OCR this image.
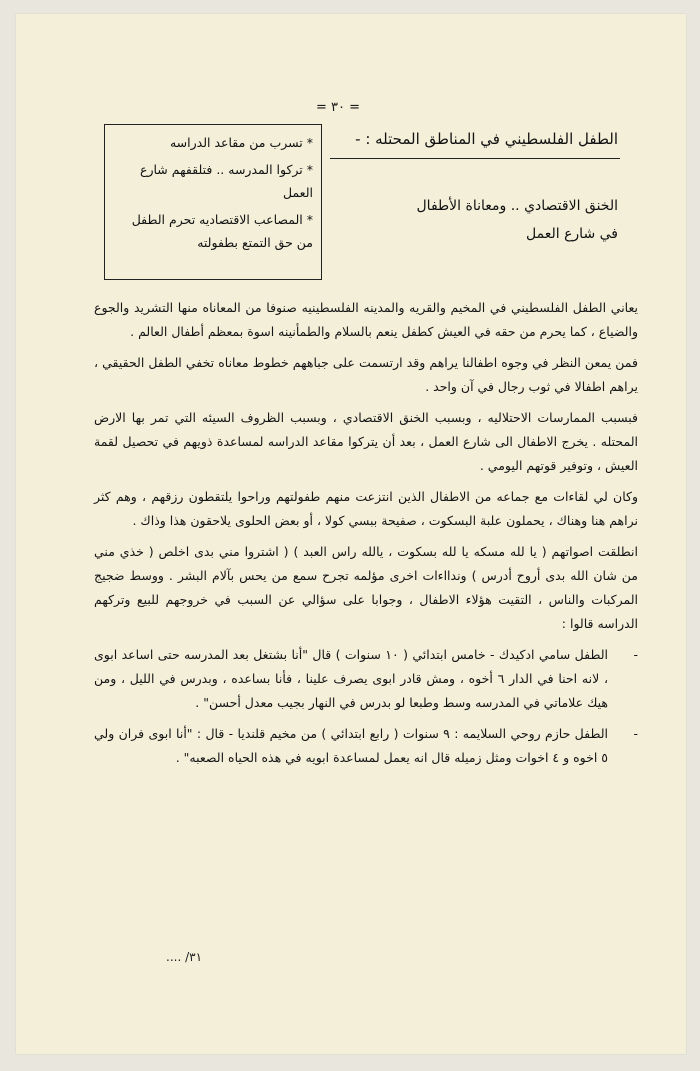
= ٣٠ =
الطفل الفلسطيني في المناطق المحتله : -
الخنق الاقتصادي .. ومعاناة الأطفال
في شارع العمل

* تسرب من مقاعد الدراسه

* تركوا المدرسه .. فتلقفهم شارع العمل

* المصاعب الاقتصاديه تحرم الطفل من حق التمتع بطفولته

يعاني الطفل الفلسطيني في المخيم والقريه والمدينه الفلسطينيه صنوفا من المعاناه منها التشريد والجوع والضياع ، كما يحرم من حقه في العيش كطفل ينعم بالسلام والطمأنينه اسوة بمعظم أطفال العالم .

فمن يمعن النظر في وجوه اطفالنا يراهم وقد ارتسمت على جباههم خطوط معاناه تخفي الطفل الحقيقي ، يراهم اطفالا في ثوب رجال في آن واحد .

فبسبب الممارسات الاحتلاليه ، وبسبب الخنق الاقتصادي ، وبسبب الظروف السيئه التي تمر بها الارض المحتله . يخرج الاطفال الى شارع العمل ، بعد أن يتركوا مقاعد الدراسه لمساعدة ذويهم في تحصيل لقمة العيش ، وتوفير قوتهم اليومي .

وكان لي لقاءات مع جماعه من الاطفال الذين انتزعت منهم طفولتهم وراحوا يلتقطون رزقهم ، وهم كثر نراهم هنا وهناك ، يحملون علبة البسكوت ، صفيحة ببسي كولا ، أو بعض الحلوى يلاحقون هذا وذاك .

انطلقت اصواتهم ( يا لله مسكه يا لله بسكوت ، يالله راس العبد ) ( اشتروا مني بدى اخلص ( خذي مني من شان الله بدى أروح أدرس ) وندااءات اخرى مؤلمه تجرح سمع من يحس بآلام البشر . ووسط ضجيج المركبات والناس ، التقيت هؤلاء الاطفال ، وجوابا على سؤالي عن السبب في خروجهم للبيع وتركهم الدراسه قالوا :

-
الطفل سامي ادكيدك - خامس ابتدائي ( ١٠ سنوات ) قال "أنا بشتغل بعد المدرسه حتى اساعد ابوى ، لانه احنا في الدار ٦ أخوه ، ومش قادر ابوى يصرف علينا ، فأنا بساعده ، وبدرس في الليل ، ومن هيك علاماتي في المدرسه وسط وطبعا لو بدرس في النهار بجيب معدل أحسن" .

-
الطفل حازم روحي السلايمه : ٩ سنوات ( رابع ابتدائي ) من مخيم قلنديا - قال : "أنا ابوى فران ولي ٥ اخوه و ٤ اخوات ومثل زميله قال انه يعمل لمساعدة ابويه في هذه الحياه الصعبه" .

٣١/ ....
